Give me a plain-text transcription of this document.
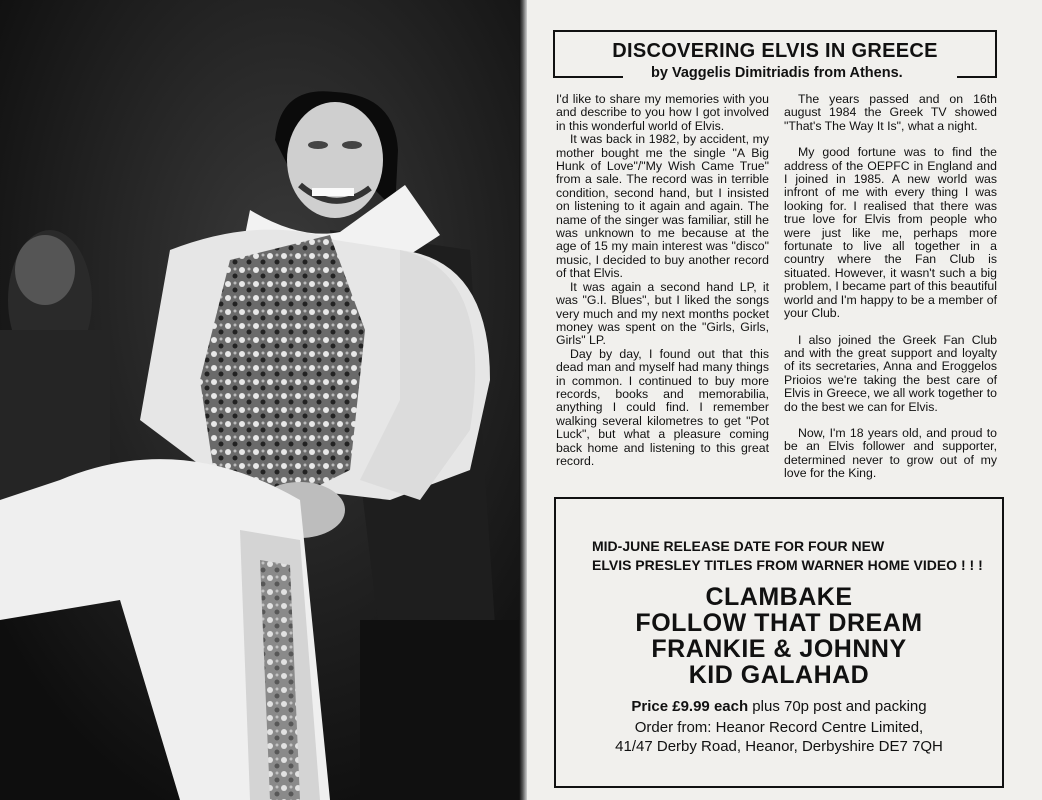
DISCOVERING ELVIS IN GREECE
by Vaggelis Dimitriadis from Athens.

I'd like to share my memories with you and describe to you how I got involved in this wonderful world of Elvis.

It was back in 1982, by accident, my mother bought me the single "A Big Hunk of Love"/"My Wish Came True" from a sale. The record was in terrible condition, second hand, but I insisted on listening to it again and again. The name of the singer was familiar, still he was unknown to me because at the age of 15 my main interest was "disco" music, I decided to buy another record of that Elvis.

It was again a second hand LP, it was "G.I. Blues", but I liked the songs very much and my next months pocket money was spent on the "Girls, Girls, Girls" LP.

Day by day, I found out that this dead man and myself had many things in common. I continued to buy more records, books and memorabilia, anything I could find. I remember walking several kilometres to get "Pot Luck", but what a pleasure coming back home and listening to this great record.

The years passed and on 16th august 1984 the Greek TV showed "That's The Way It Is", what a night.

My good fortune was to find the address of the OEPFC in England and I joined in 1985. A new world was infront of me with every thing I was looking for. I realised that there was true love for Elvis from people who were just like me, perhaps more fortunate to live all together in a country where the Fan Club is situated. However, it wasn't such a big problem, I became part of this beautiful world and I'm happy to be a member of your Club.

I also joined the Greek Fan Club and with the great support and loyalty of its secretaries, Anna and Eroggelos Prioios we're taking the best care of Elvis in Greece, we all work together to do the best we can for Elvis.

Now, I'm 18 years old, and proud to be an Elvis follower and supporter, determined never to grow out of my love for the King.

MID-JUNE RELEASE DATE FOR FOUR NEW
ELVIS PRESLEY TITLES FROM WARNER HOME VIDEO ! ! !
CLAMBAKE
FOLLOW THAT DREAM
FRANKIE & JOHNNY
KID GALAHAD
Price £9.99 each plus 70p post and packing
Order from: Heanor Record Centre Limited,
41/47 Derby Road, Heanor, Derbyshire DE7 7QH
